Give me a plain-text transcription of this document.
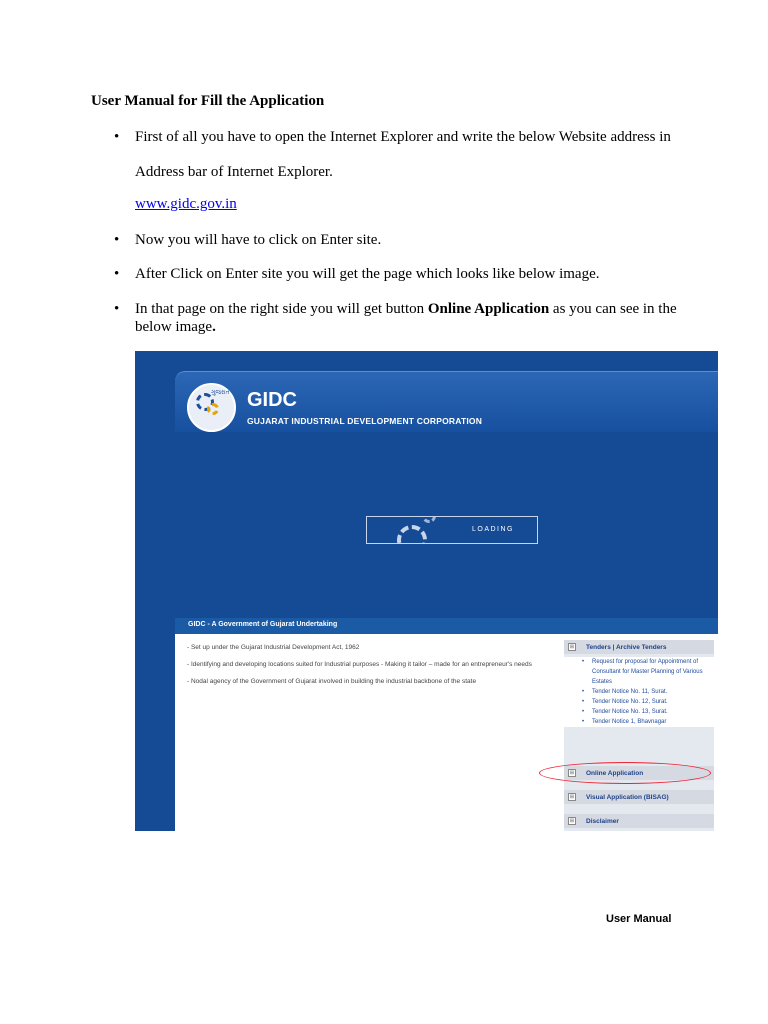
User Manual for Fill the Application
• First of all you have to open the Internet Explorer and write the below Website address in
Address bar of Internet Explorer.
www.gidc.gov.in
• Now you will have to click on Enter site.
• After Click on Enter site you will get the page which looks like below image.
• In that page on the right side you will get button Online Application as you can see in the below image.
ગુજરાત GIDC
GUJARAT INDUSTRIAL DEVELOPMENT CORPORATION
LOADING
GIDC - A Government of Gujarat Undertaking
- Set up under the Gujarat Industrial Development Act, 1962
- Identifying and developing locations suited for Industrial purposes - Making it tailor – made for an entrepreneur's needs
- Nodal agency of the Government of Gujarat involved in building the industrial backbone of the state
⊞ Tenders | Archive Tenders
• Request for proposal for Appointment of Consultant for Master Planning of Various Estates
• Tender Notice No. 11, Surat.
• Tender Notice No. 12, Surat.
• Tender Notice No. 13, Surat.
• Tender Notice 1, Bhavnagar
⊞ Online Application
⊞ Visual Application (BISAG)
⊞ Disclaimer
User Manual
